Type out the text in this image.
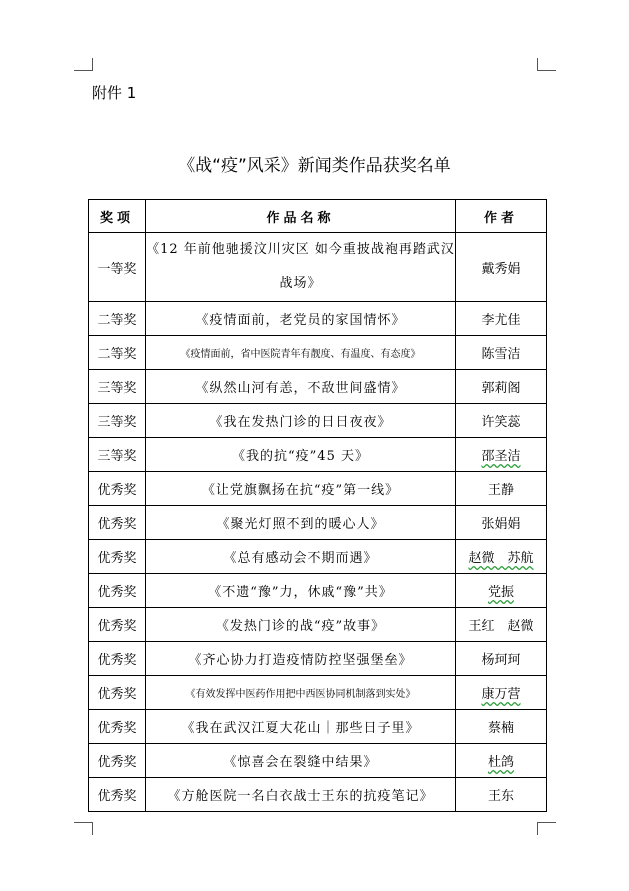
附件 1
《战“疫”风采》新闻类作品获奖名单
奖项	作品名称	作者
一等奖	《12 年前他驰援汶川灾区 如今重披战袍再踏武汉战场》	戴秀娟
二等奖	《疫情面前，老党员的家国情怀》	李尤佳
二等奖	《疫情面前，省中医院青年有靓度、有温度、有态度》	陈雪洁
三等奖	《纵然山河有恙，不敌世间盛情》	郭莉阁
三等奖	《我在发热门诊的日日夜夜》	许笑蕊
三等奖	《我的抗“疫”45 天》	邵圣洁
优秀奖	《让党旗飘扬在抗“疫”第一线》	王静
优秀奖	《聚光灯照不到的暖心人》	张娟娟
优秀奖	《总有感动会不期而遇》	赵微　苏航
优秀奖	《不遗“豫”力，休戚“豫”共》	党振
优秀奖	《发热门诊的战“疫”故事》	王红　赵微
优秀奖	《齐心协力打造疫情防控坚强堡垒》	杨珂珂
优秀奖	《有效发挥中医药作用把中西医协同机制落到实处》	康万营
优秀奖	《我在武汉江夏大花山｜那些日子里》	蔡楠
优秀奖	《惊喜会在裂缝中结果》	杜鸽
优秀奖	《方舱医院一名白衣战士王东的抗疫笔记》	王东
